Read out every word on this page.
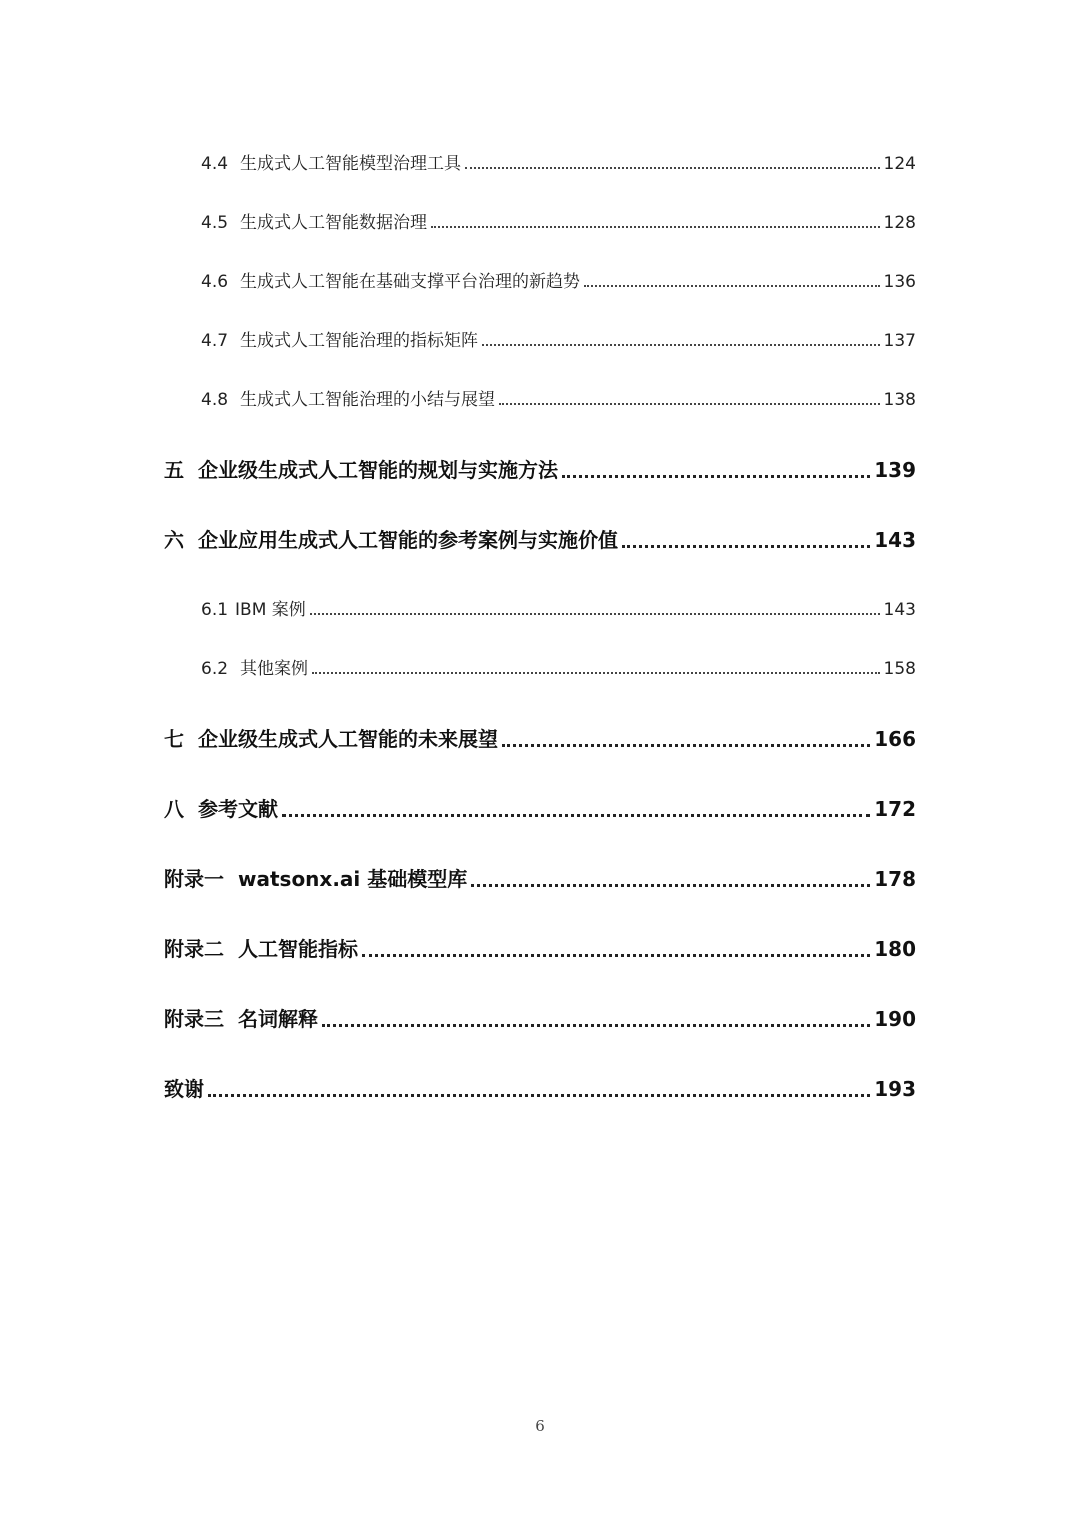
4.4 生成式人工智能模型治理工具	124
4.5 生成式人工智能数据治理	128
4.6 生成式人工智能在基础支撑平台治理的新趋势	136
4.7 生成式人工智能治理的指标矩阵	137
4.8 生成式人工智能治理的小结与展望	138
五 企业级生成式人工智能的规划与实施方法	139
六 企业应用生成式人工智能的参考案例与实施价值	143
6.1 IBM 案例	143
6.2 其他案例	158
七 企业级生成式人工智能的未来展望	166
八 参考文献	172
附录一 watsonx.ai 基础模型库	178
附录二 人工智能指标	180
附录三 名词解释	190
致谢	193
6
